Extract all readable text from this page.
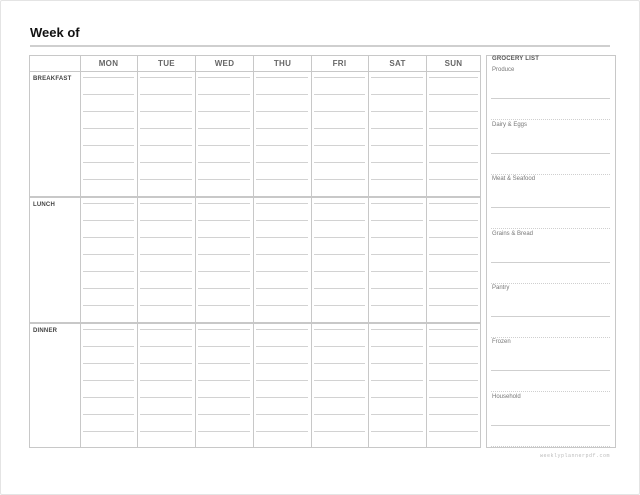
Week of
MON	TUE	WED	THU	FRI	SAT	SUN
BREAKFAST
LUNCH
DINNER
GROCERY LIST
Produce
Dairy & Eggs
Meat & Seafood
Grains & Bread
Pantry
Frozen
Household
weeklyplannerpdf.com
